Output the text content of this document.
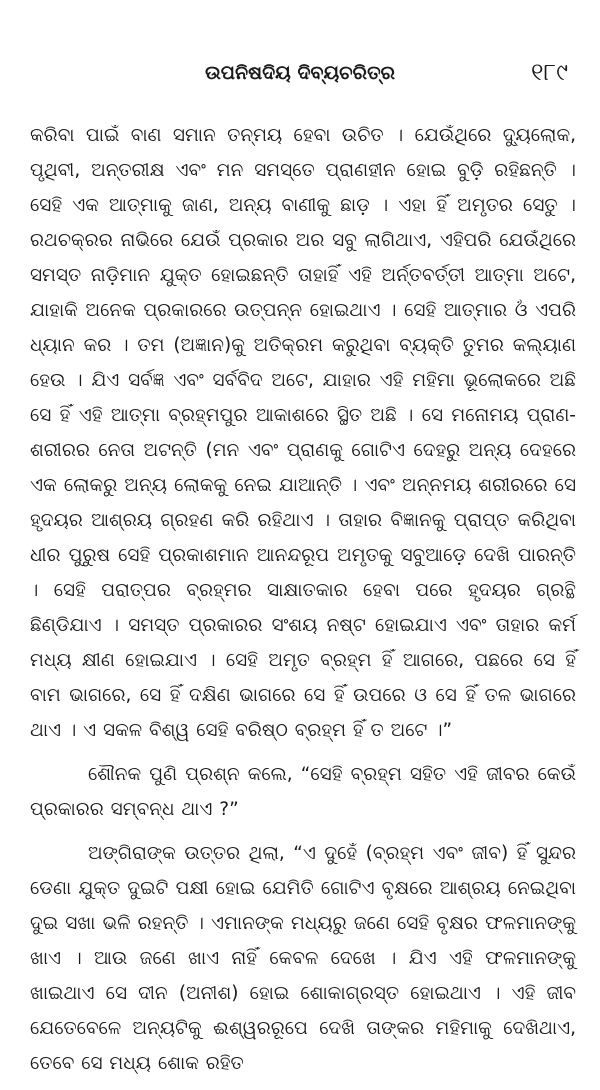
ଉପନିଷଦିୟ ଦିବ୍ୟଚରିତ୍ର	୧୮୯

କରିବା ପାଇଁ ବାଣ ସମାନ ତନ୍ମୟ ହେବା ଉଚିତ । ଯେଉଁଥିରେ ଦ୍ୟୁଲୋକ, ପୃଥିବୀ, ଅନ୍ତରୀକ୍ଷ ଏବଂ ମନ ସମସ୍ତେ ପ୍ରାଣହୀନ ହୋଇ ବୁଡ଼ି ରହିଛନ୍ତି । ସେହି ଏକ ଆତ୍ମାକୁ ଜାଣ, ଅନ୍ୟ ବାଣୀକୁ ଛାଡ଼ । ଏହା ହିଁ ଅମୃତର ସେତୁ । ରଥଚକ୍ରର ନାଭିରେ ଯେଉଁ ପ୍ରକାର ଅର ସବୁ ଲାଗିଥାଏ, ଏହିପରି ଯେଉଁଥିରେ ସମସ୍ତ ନାଡ଼ିମାନ ଯୁକ୍ତ ହୋଇଛନ୍ତି ତାହାହିଁ ଏହି ଅର୍ନ୍ତବର୍ତ୍ତୀ ଆତ୍ମା ଅଟେ, ଯାହାକି ଅନେକ ପ୍ରକାରରେ ଉତ୍ପନ୍ନ ହୋଇଥାଏ । ସେହି ଆତ୍ମାର ଓଁ ଏପରି ଧ୍ୟାନ କର । ତମ (ଅଜ୍ଞାନ)କୁ ଅତିକ୍ରମ କରୁଥିବା ବ୍ୟକ୍ତି ତୁମର କଲ୍ୟାଣ ହେଉ । ଯିଏ ସର୍ବଜ୍ଞ ଏବଂ ସର୍ବବିଦ ଅଟେ, ଯାହାର ଏହି ମହିମା ଭୂଲୋକରେ ଅଛି ସେ ହିଁ ଏହି ଆତ୍ମା ବ୍ରହ୍ମପୁର ଆକାଶରେ ସ୍ଥିତ ଅଛି । ସେ ମନୋମୟ ପ୍ରାଣ-ଶରୀରର ନେତା ଅଟନ୍ତି (ମନ ଏବଂ ପ୍ରାଣକୁ ଗୋଟିଏ ଦେହରୁ ଅନ୍ୟ ଦେହରେ ଏକ ଲୋକରୁ ଅନ୍ୟ ଲୋକକୁ ନେଇ ଯାଆନ୍ତି । ଏବଂ ଅନ୍ନମୟ ଶରୀରରେ ସେ ହୃଦୟର ଆଶ୍ରୟ ଗ୍ରହଣ କରି ରହିଥାଏ । ତାହାର ବିଜ୍ଞାନକୁ ପ୍ରାପ୍ତ କରିଥିବା ଧୀର ପୁରୁଷ ସେହି ପ୍ରକାଶମାନ ଆନନ୍ଦରୂପ ଅମୃତକୁ ସବୁଆଡ଼େ ଦେଖି ପାରନ୍ତି । ସେହି ପରାତ୍ପର ବ୍ରହ୍ମର ସାକ୍ଷାତକାର ହେବା ପରେ ହୃଦୟର ଗ୍ରନ୍ଥି ଛିଣ୍ଡିଯାଏ । ସମସ୍ତ ପ୍ରକାରର ସଂଶୟ ନଷ୍ଟ ହୋଇଯାଏ ଏବଂ ତାହାର କର୍ମ ମଧ୍ୟ କ୍ଷୀଣ ହୋଇଯାଏ । ସେହି ଅମୃତ ବ୍ରହ୍ମ ହିଁ ଆଗରେ, ପଛରେ ସେ ହିଁ ବାମ ଭାଗରେ, ସେ ହିଁ ଦକ୍ଷିଣ ଭାଗରେ ସେ ହିଁ ଉପରେ ଓ ସେ ହିଁ ତଳ ଭାଗରେ ଥାଏ । ଏ ସକଳ ବିଶ୍ୱ ସେହି ବରିଷ୍ଠ ବ୍ରହ୍ମ ହିଁ ତ ଅଟେ ।”

ଶୌନକ ପୁଣି ପ୍ରଶ୍ନ କଲେ, “ସେହି ବ୍ରହ୍ମ ସହିତ ଏହି ଜୀବର କେଉଁ ପ୍ରକାରର ସମ୍ବନ୍ଧ ଥାଏ ?”

ଅଙ୍ଗିରାଙ୍କ ଉତ୍ତର ଥିଲା, “ଏ ଦୁହେଁ (ବ୍ରହ୍ମ ଏବଂ ଜୀବ) ହିଁ ସୁନ୍ଦର ଡେଣା ଯୁକ୍ତ ଦୁଇଟି ପକ୍ଷୀ ହୋଇ ଯେମିତି ଗୋଟିଏ ବୃକ୍ଷରେ ଆଶ୍ରୟ ନେଇଥିବା ଦୁଇ ସଖା ଭଳି ରହନ୍ତି । ଏମାନଙ୍କ ମଧ୍ୟରୁ ଜଣେ ସେହି ବୃକ୍ଷର ଫଳମାନଙ୍କୁ ଖାଏ । ଆଉ ଜଣେ ଖାଏ ନାହିଁ କେବଳ ଦେଖେ । ଯିଏ ଏହି ଫଳମାନଙ୍କୁ ଖାଇଥାଏ ସେ ଦୀନ (ଅନୀଶ) ହୋଇ ଶୋକାଗ୍ରସ୍ତ ହୋଇଥାଏ । ଏହି ଜୀବ ଯେତେବେଳେ ଅନ୍ୟଟିକୁ ଈଶ୍ୱରରୂପେ ଦେଖି ତାଙ୍କର ମହିମାକୁ ଦେଖିଥାଏ, ତେବେ ସେ ମଧ୍ୟ ଶୋକ ରହିତ
